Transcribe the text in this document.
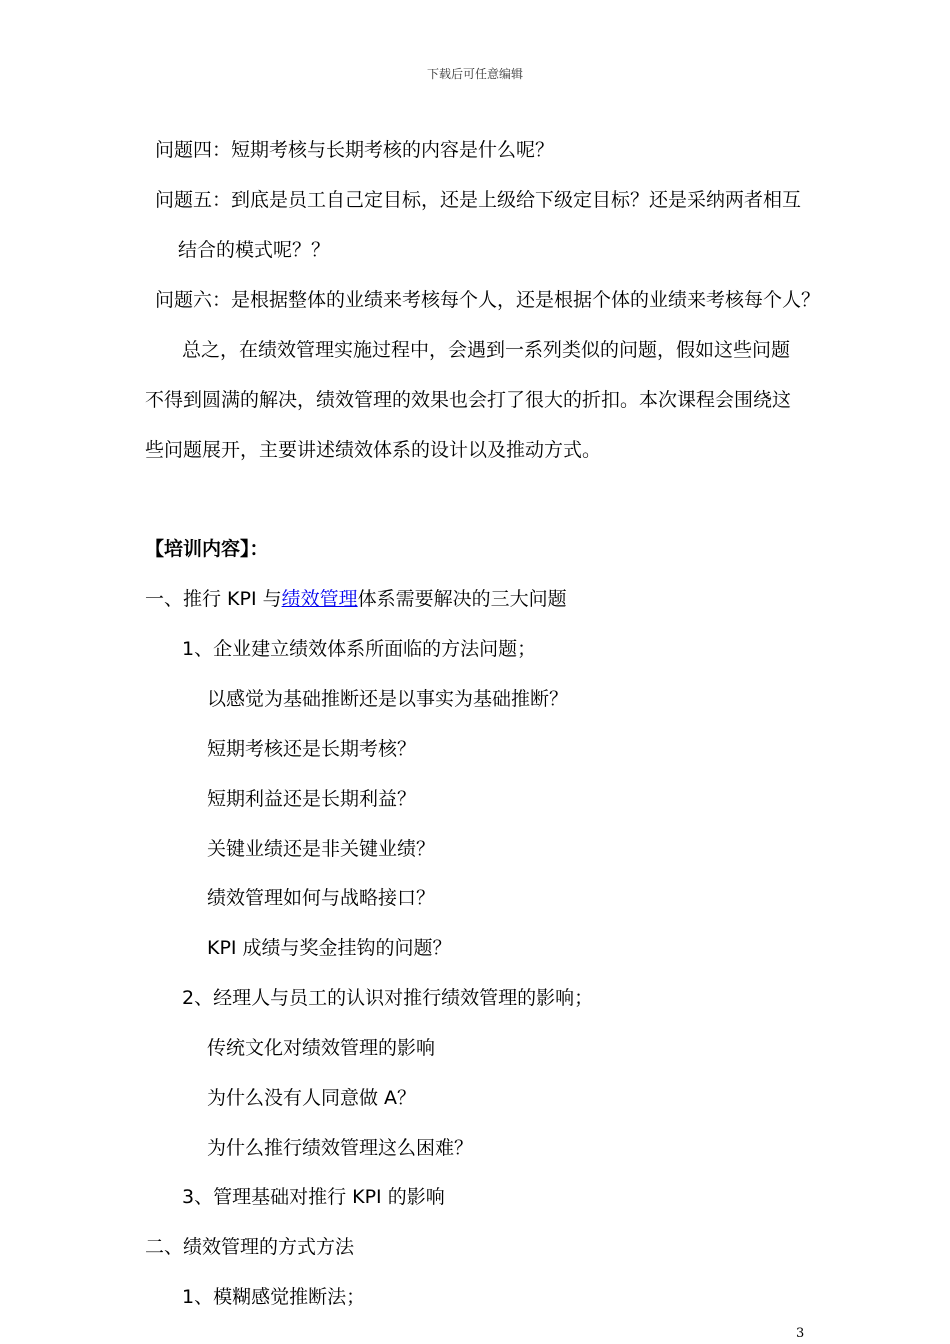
下载后可任意编辑
问题四：短期考核与长期考核的内容是什么呢？
问题五：到底是员工自己定目标，还是上级给下级定目标？还是采纳两者相互
结合的模式呢？？
问题六：是根据整体的业绩来考核每个人，还是根据个体的业绩来考核每个人？
总之，在绩效管理实施过程中，会遇到一系列类似的问题，假如这些问题
不得到圆满的解决，绩效管理的效果也会打了很大的折扣。本次课程会围绕这
些问题展开，主要讲述绩效体系的设计以及推动方式。
【培训内容】：
一、推行 KPI 与绩效管理体系需要解决的三大问题
1、企业建立绩效体系所面临的方法问题；
以感觉为基础推断还是以事实为基础推断？
短期考核还是长期考核？
短期利益还是长期利益？
关键业绩还是非关键业绩？
绩效管理如何与战略接口？
KPI 成绩与奖金挂钩的问题？
2、经理人与员工的认识对推行绩效管理的影响；
传统文化对绩效管理的影响
为什么没有人同意做 A？
为什么推行绩效管理这么困难？
3、管理基础对推行 KPI 的影响
二、绩效管理的方式方法
1、模糊感觉推断法；
3
